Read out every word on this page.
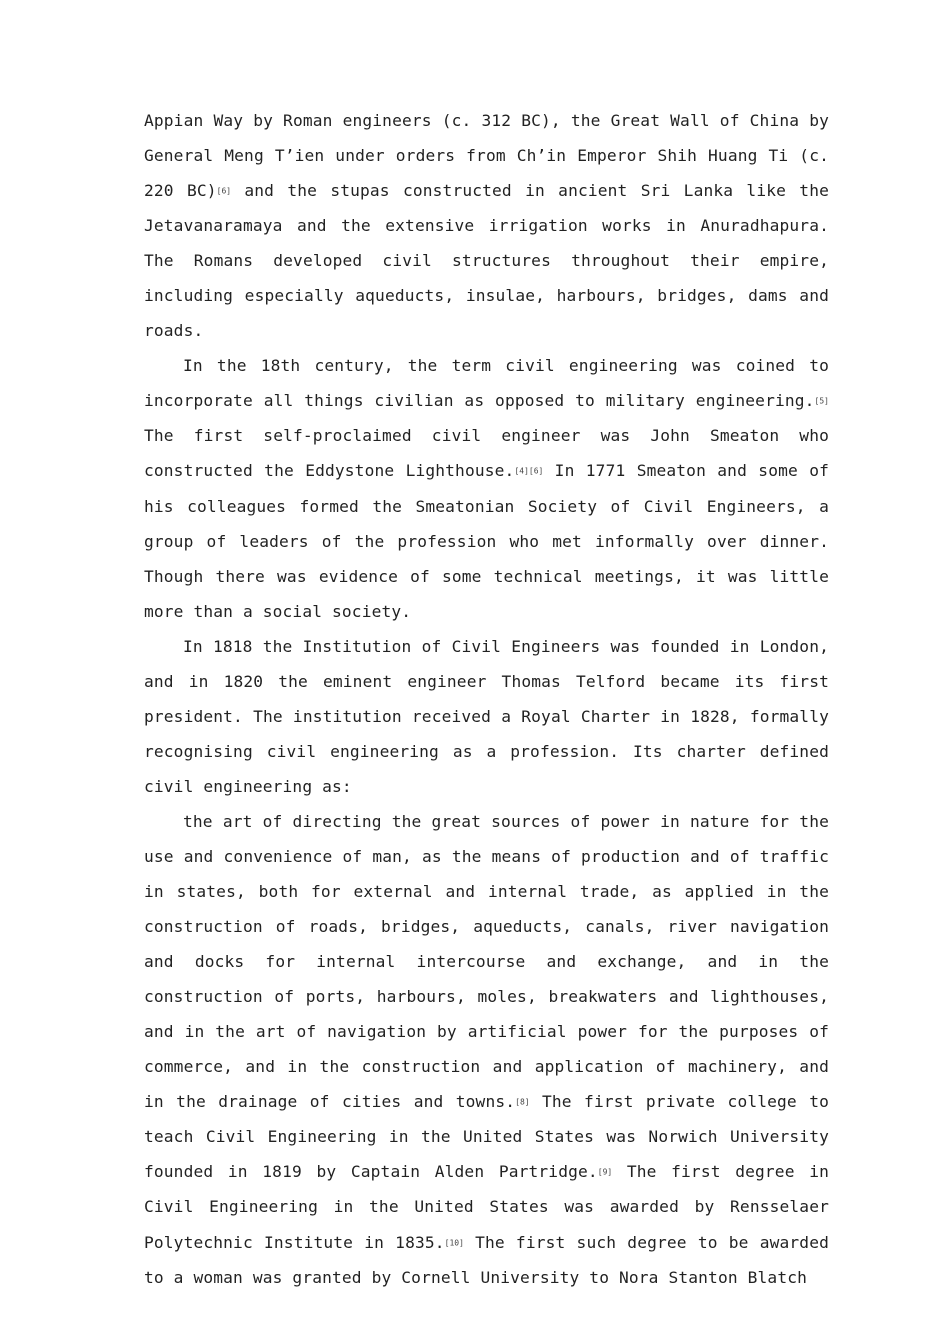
Appian Way by Roman engineers (c. 312 BC), the Great Wall of China by General Meng T’ien under orders from Ch’in Emperor Shih Huang Ti (c. 220 BC)[6] and the stupas constructed in ancient Sri Lanka like the Jetavanaramaya and the extensive irrigation works in Anuradhapura. The Romans developed civil structures throughout their empire, including especially aqueducts, insulae, harbours, bridges, dams and roads.

In the 18th century, the term civil engineering was coined to incorporate all things civilian as opposed to military engineering.[5] The first self-proclaimed civil engineer was John Smeaton who constructed the Eddystone Lighthouse.[4][6] In 1771 Smeaton and some of his colleagues formed the Smeatonian Society of Civil Engineers, a group of leaders of the profession who met informally over dinner. Though there was evidence of some technical meetings, it was little more than a social society.

In 1818 the Institution of Civil Engineers was founded in London, and in 1820 the eminent engineer Thomas Telford became its first president. The institution received a Royal Charter in 1828, formally recognising civil engineering as a profession. Its charter defined civil engineering as:

the art of directing the great sources of power in nature for the use and convenience of man, as the means of production and of traffic in states, both for external and internal trade, as applied in the construction of roads, bridges, aqueducts, canals, river navigation and docks for internal intercourse and exchange, and in the construction of ports, harbours, moles, breakwaters and lighthouses, and in the art of navigation by artificial power for the purposes of commerce, and in the construction and application of machinery, and in the drainage of cities and towns.[8] The first private college to teach Civil Engineering in the United States was Norwich University founded in 1819 by Captain Alden Partridge.[9] The first degree in Civil Engineering in the United States was awarded by Rensselaer Polytechnic Institute in 1835.[10] The first such degree to be awarded to a woman was granted by Cornell University to Nora Stanton Blatch
